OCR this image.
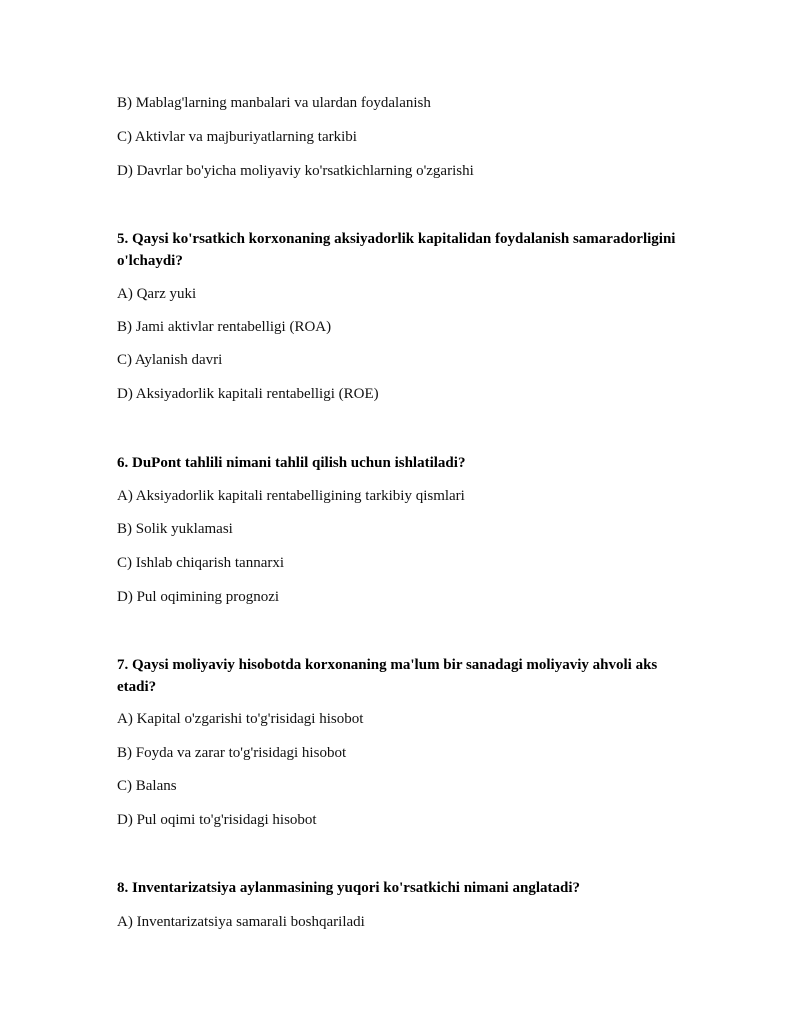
B) Mablag'larning manbalari va ulardan foydalanish
C) Aktivlar va majburiyatlarning tarkibi
D) Davrlar bo'yicha moliyaviy ko'rsatkichlarning o'zgarishi
5. Qaysi ko'rsatkich korxonaning aksiyadorlik kapitalidan foydalanish samaradorligini o'lchaydi?
A) Qarz yuki
B) Jami aktivlar rentabelligi (ROA)
C) Aylanish davri
D) Aksiyadorlik kapitali rentabelligi (ROE)
6. DuPont tahlili nimani tahlil qilish uchun ishlatiladi?
A) Aksiyadorlik kapitali rentabelligining tarkibiy qismlari
B) Solik yuklamasi
C) Ishlab chiqarish tannarxi
D) Pul oqimining prognozi
7. Qaysi moliyaviy hisobotda korxonaning ma'lum bir sanadagi moliyaviy ahvoli aks etadi?
A) Kapital o'zgarishi to'g'risidagi hisobot
B) Foyda va zarar to'g'risidagi hisobot
C) Balans
D) Pul oqimi to'g'risidagi hisobot
8. Inventarizatsiya aylanmasining yuqori ko'rsatkichi nimani anglatadi?
A) Inventarizatsiya samarali boshqariladi
